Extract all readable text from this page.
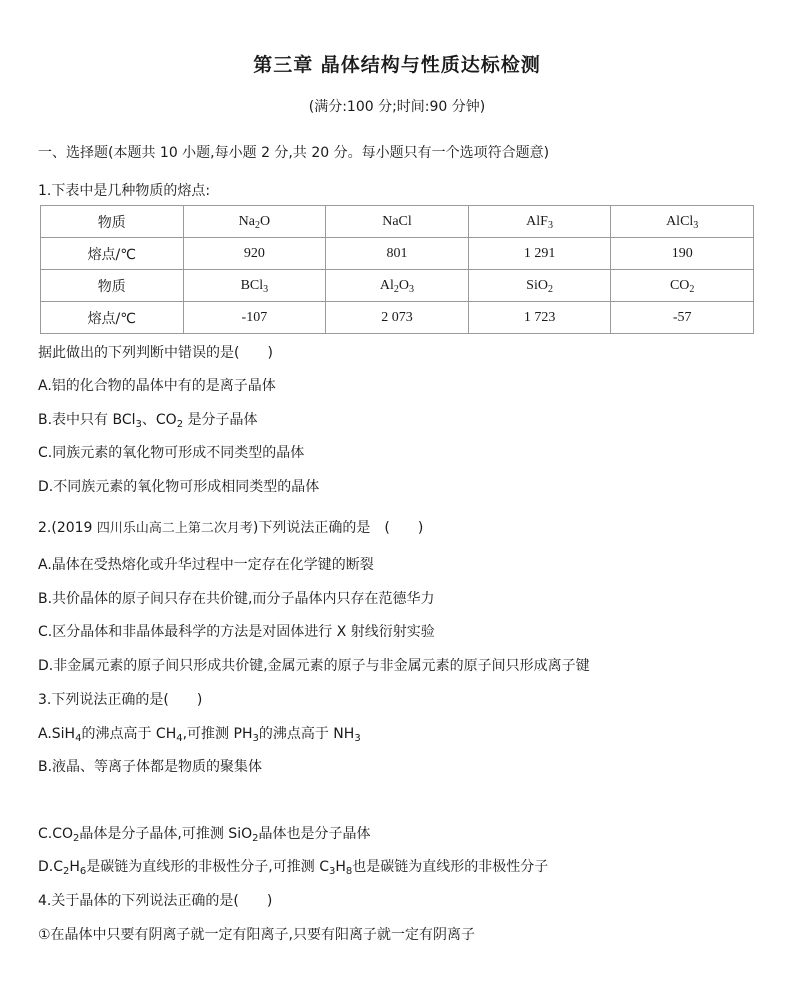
第三章 晶体结构与性质达标检测
(满分:100 分;时间:90 分钟)
一、选择题(本题共 10 小题,每小题 2 分,共 20 分。每小题只有一个选项符合题意)
1.下表中是几种物质的熔点:
物质	$Na_2O$	NaCl	AlF$_3$	AlCl$_3$
熔点/℃	920	801	1 291	190
物质	BCl$_3$	$Al_2O_3$	SiO$_2$	$CO_2$
熔点/℃	-107	2 073	1 723	-57
据此做出的下列判断中错误的是(　　)
A.铝的化合物的晶体中有的是离子晶体
B.表中只有 BCl$_3$、$CO_2$ 是分子晶体
C.同族元素的氧化物可形成不同类型的晶体
D.不同族元素的氧化物可形成相同类型的晶体
2.(2019 四川乐山高二上第二次月考)下列说法正确的是　(　　)
A.晶体在受热熔化或升华过程中一定存在化学键的断裂
B.共价晶体的原子间只存在共价键,而分子晶体内只存在范德华力
C.区分晶体和非晶体最科学的方法是对固体进行 X 射线衍射实验
D.非金属元素的原子间只形成共价键,金属元素的原子与非金属元素的原子间只形成离子键
3.下列说法正确的是(　　)
A.SiH$_4$的沸点高于 $CH_4$,可推测 $PH_3$的沸点高于 $NH_3$
B.液晶、等离子体都是物质的聚集体
$C.CO_2$晶体是分子晶体,可推测 SiO$_2$晶体也是分子晶体
$D.C_2H_6$是碳链为直线形的非极性分子,可推测 $C_3H_8$也是碳链为直线形的非极性分子
4.关于晶体的下列说法正确的是(　　)
①在晶体中只要有阴离子就一定有阳离子,只要有阳离子就一定有阴离子
